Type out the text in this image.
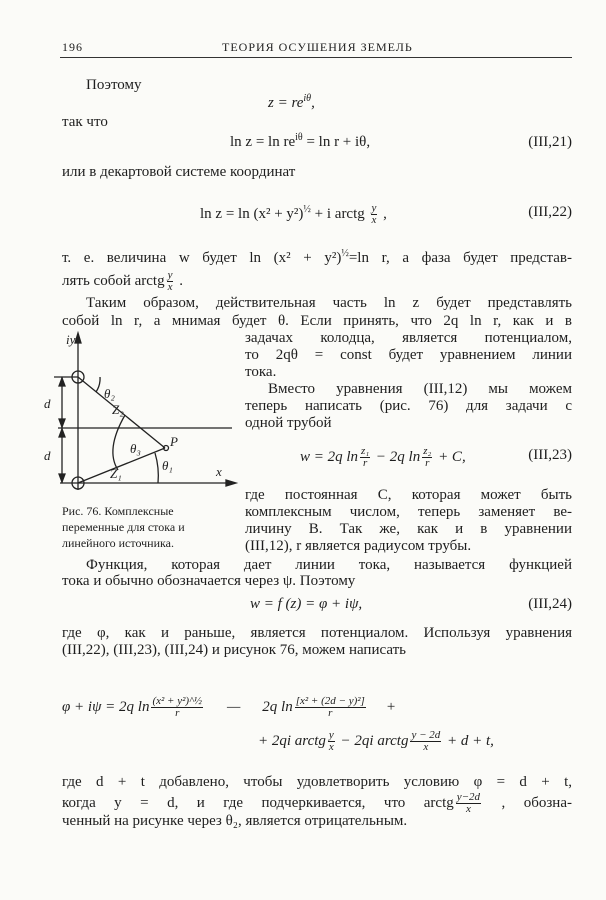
196	ТЕОРИЯ ОСУШЕНИЯ ЗЕМЕЛЬ
Поэтому
$z = re^{i\theta}$,
так что
$\ln z = \ln re^{i\theta} = \ln r + i\theta$,	(III,21)
или в декартовой системе координат
$\ln z = \ln (x^2 + y^2)^{\frac{1}{2}} + i$ arctg $\frac{y}{x}$ ,	(III,22)
т. е. величина w будет $\ln (x^2 + y^2)^{\frac{1}{2}}=\ln$ r, а фаза будет представ-
лять собой arctg $\frac{y}{x}$ .
Таким образом, действительная часть ln z будет представлять
собой ln r, а мнимая будет θ. Если принять, что 2q ln r, как и в
задачах колодца, является потенциалом,
то 2qθ = const будет уравнением линии
тока.
Вместо уравнения (III,12) мы можем
теперь написать (рис. 76) для задачи с
одной трубой
w = 2q $\ln \frac{\text{z₁}}{r} - 2q$ $\ln \frac{\text{z₂}}{r} + C$,	(III,23)
где постоянная C, которая может быть
комплексным числом, теперь заменяет ве-
личину B. Так же, как и в уравнении
(III,12), r является радиусом трубы.
iy
x
d
d
θ₂
Z₂
θ₃ P
Z₁
θ₁
Рис. 76. Комплексные
переменные для стока и
линейного источника.
Функция, которая дает линии тока, называется функцией
тока и обычно обозначается через ψ. Поэтому
w = f (z) = φ + iψ,	(III,24)
где φ, как и раньше, является потенциалом. Используя уравнения
(III,22), (III,23), (III,24) и рисунок 76, можем написать
φ + iψ = 2q $\ln \frac{\text{(x² + y²)\textasciicircum{}½}}{r}$ — 2q $\ln \frac{\text{[x² + (2d − y)²]}}{r}$ +
+ 2qi arctg $\frac{y}{x} - 2qi$ arctg $\frac{y - 2d}{x} + d + t$,
где d + t добавлено, чтобы удовлетворить условию φ = d + t,
когда y = d, и где подчеркивается, что arctg $\frac{y-2d}{x}$ , обозна-
ченный на рисунке через θ₂, является отрицательным.
